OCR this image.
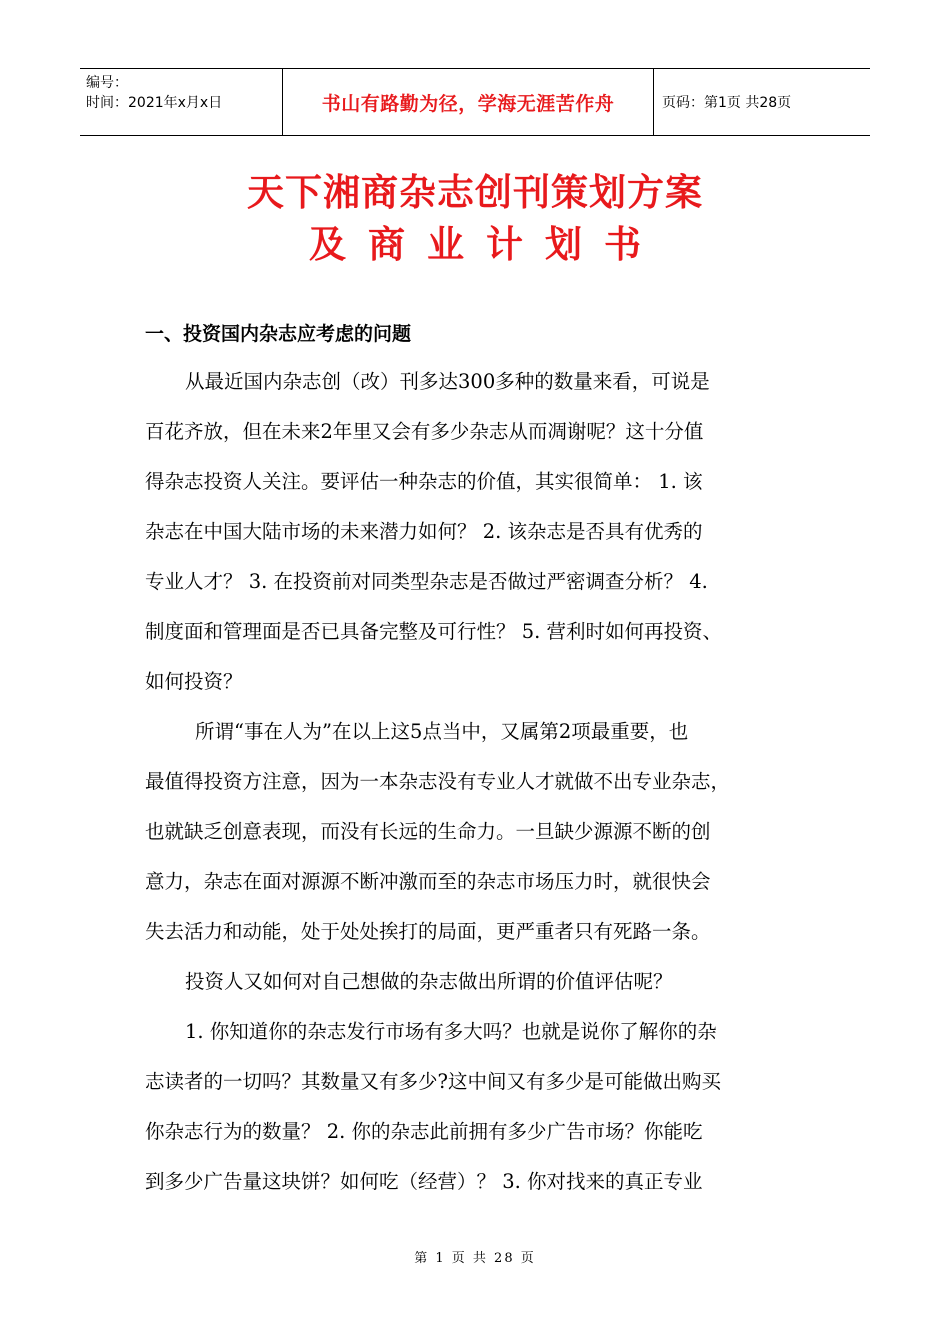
编号：
时间：2021年x月x日	书山有路勤为径，学海无涯苦作舟	页码：第1页 共28页
天下湘商杂志创刊策划方案
及商业计划书
一、投资国内杂志应考虑的问题
从最近国内杂志创（改）刊多达300多种的数量来看，可说是
百花齐放，但在未来2年里又会有多少杂志从而凋谢呢？这十分值
得杂志投资人关注。要评估一种杂志的价值，其实很简单： 1. 该
杂志在中国大陆市场的未来潜力如何？ 2. 该杂志是否具有优秀的
专业人才？ 3. 在投资前对同类型杂志是否做过严密调查分析？ 4.
制度面和管理面是否已具备完整及可行性？ 5. 营利时如何再投资、
如何投资？
所谓“事在人为”在以上这5点当中，又属第2项最重要，也
最值得投资方注意，因为一本杂志没有专业人才就做不出专业杂志，
也就缺乏创意表现，而没有长远的生命力。一旦缺少源源不断的创
意力，杂志在面对源源不断冲激而至的杂志市场压力时，就很快会
失去活力和动能，处于处处挨打的局面，更严重者只有死路一条。
投资人又如何对自己想做的杂志做出所谓的价值评估呢？
1. 你知道你的杂志发行市场有多大吗？也就是说你了解你的杂
志读者的一切吗？其数量又有多少?这中间又有多少是可能做出购买
你杂志行为的数量？ 2. 你的杂志此前拥有多少广告市场？你能吃
到多少广告量这块饼？如何吃（经营）？ 3. 你对找来的真正专业
第 1 页 共 28 页
